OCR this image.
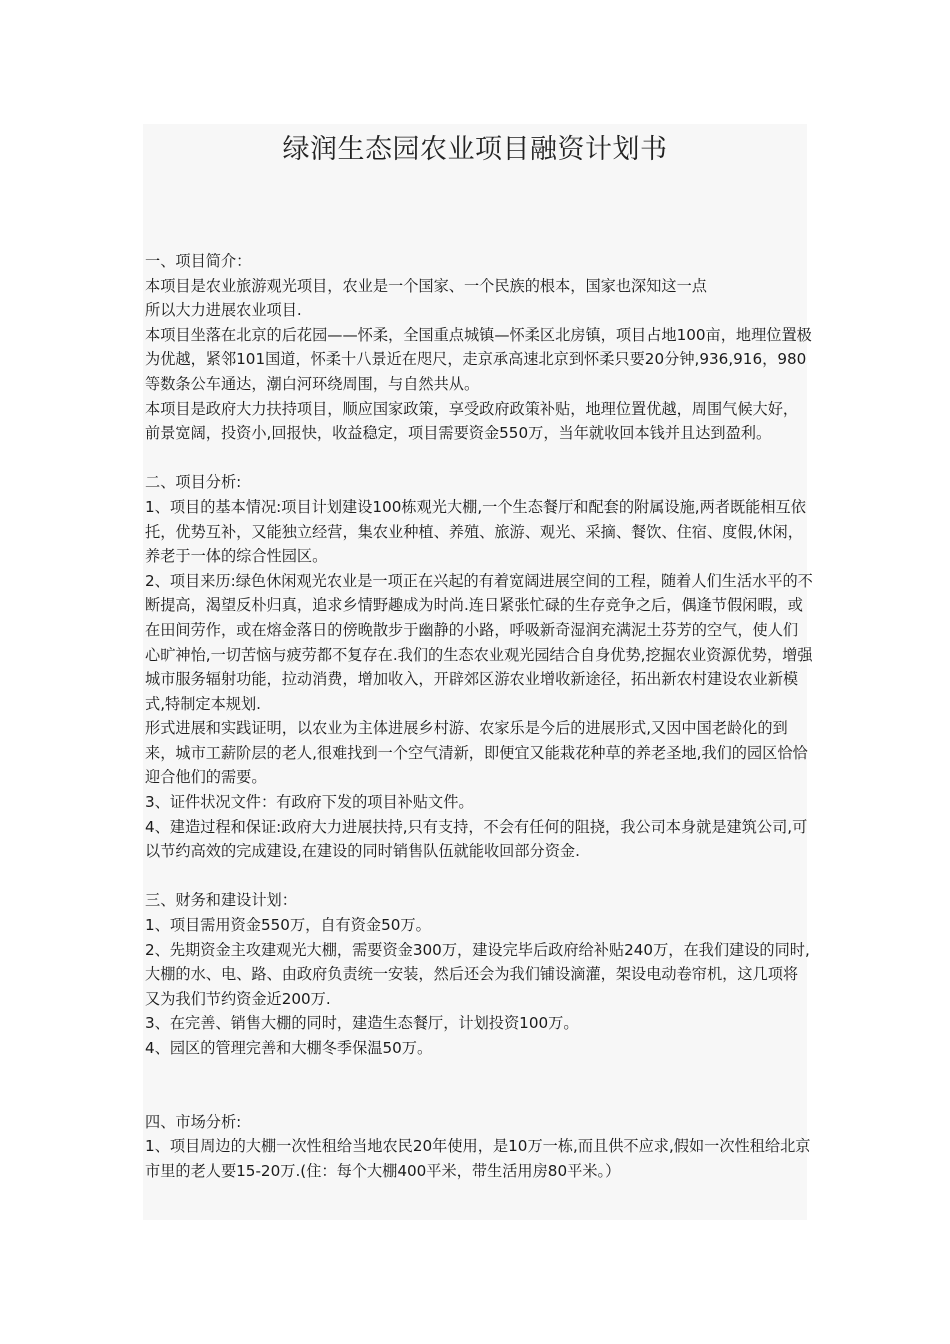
绿润生态园农业项目融资计划书

一、项目简介：

本项目是农业旅游观光项目，农业是一个国家、一个民族的根本，国家也深知这一点

所以大力进展农业项目.

本项目坐落在北京的后花园——怀柔，全国重点城镇—怀柔区北房镇，项目占地100亩，地理位置极为优越，紧邻101国道，怀柔十八景近在咫尺，走京承高速北京到怀柔只要20分钟,936,916，980等数条公车通达，潮白河环绕周围，与自然共从。

本项目是政府大力扶持项目，顺应国家政策，享受政府政策补贴，地理位置优越，周围气候大好，前景宽阔，投资小,回报快，收益稳定，项目需要资金550万，当年就收回本钱并且达到盈利。

二、项目分析:

1、项目的基本情况:项目计划建设100栋观光大棚,一个生态餐厅和配套的附属设施,两者既能相互依托，优势互补，又能独立经营，集农业种植、养殖、旅游、观光、采摘、餐饮、住宿、度假,休闲，养老于一体的综合性园区。

2、项目来历:绿色休闲观光农业是一项正在兴起的有着宽阔进展空间的工程，随着人们生活水平的不断提高，渴望反朴归真，追求乡情野趣成为时尚.连日紧张忙碌的生存竞争之后，偶逢节假闲暇，或在田间劳作，或在熔金落日的傍晚散步于幽静的小路，呼吸新奇湿润充满泥土芬芳的空气，使人们心旷神怡,一切苦恼与疲劳都不复存在.我们的生态农业观光园结合自身优势,挖掘农业资源优势，增强城市服务辐射功能，拉动消费，增加收入，开辟郊区游农业增收新途径，拓出新农村建设农业新模式,特制定本规划.

形式进展和实践证明，以农业为主体进展乡村游、农家乐是今后的进展形式,又因中国老龄化的到来，城市工薪阶层的老人,很难找到一个空气清新，即便宜又能栽花种草的养老圣地,我们的园区恰恰迎合他们的需要。

3、证件状况文件：有政府下发的项目补贴文件。

4、建造过程和保证:政府大力进展扶持,只有支持，不会有任何的阻挠，我公司本身就是建筑公司,可以节约高效的完成建设,在建设的同时销售队伍就能收回部分资金.

三、财务和建设计划：

1、项目需用资金550万，自有资金50万。

2、先期资金主攻建观光大棚，需要资金300万，建设完毕后政府给补贴240万，在我们建设的同时,大棚的水、电、路、由政府负责统一安装，然后还会为我们铺设滴灌，架设电动卷帘机，这几项将又为我们节约资金近200万.

3、在完善、销售大棚的同时，建造生态餐厅，计划投资100万。

4、园区的管理完善和大棚冬季保温50万。

四、市场分析:

1、项目周边的大棚一次性租给当地农民20年使用，是10万一栋,而且供不应求,假如一次性租给北京市里的老人要15-20万.(住：每个大棚400平米，带生活用房80平米。）
